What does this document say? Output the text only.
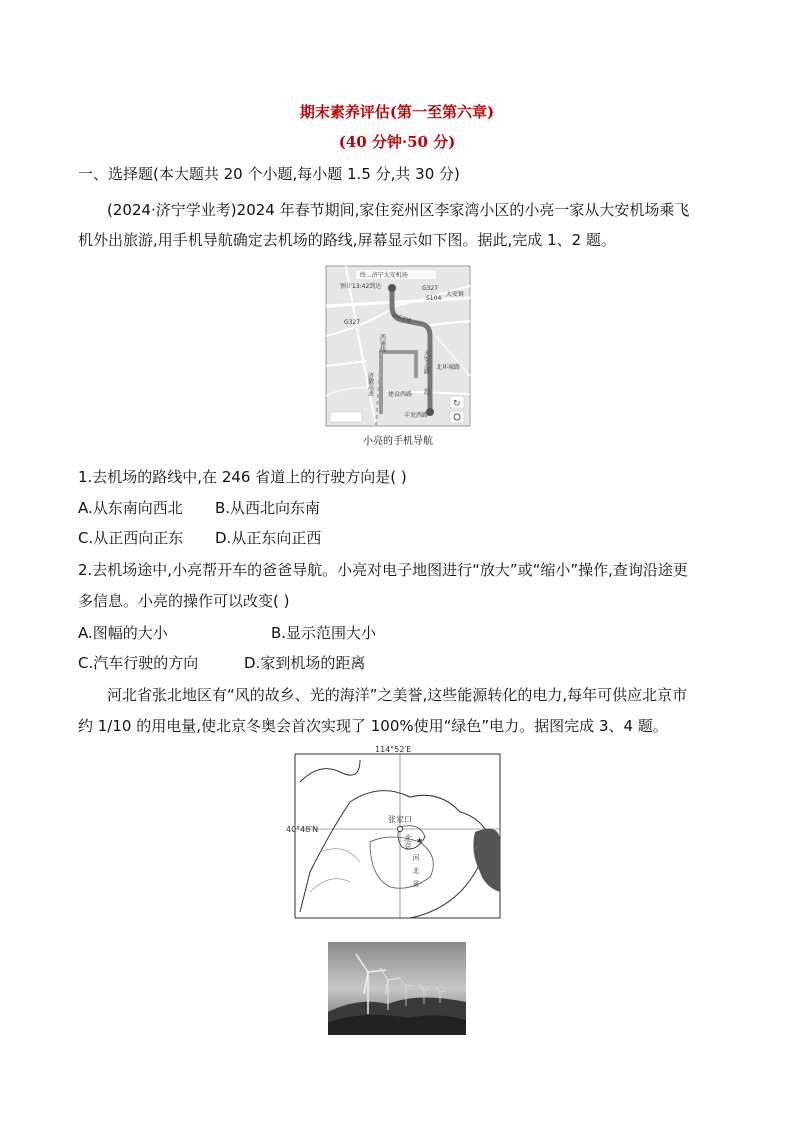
期末素养评估(第一至第六章)
(40 分钟·50 分)
一、选择题(本大题共 20 个小题,每小题 1.5 分,共 30 分)
(2024·济宁学业考)2024 年春节期间,家住兖州区李家湾小区的小亮一家从大安机场乘飞
机外出旅游,用手机导航确定去机场的路线,屏幕显示如下图。据此,完成 1、2 题。
终...济宁大安机场
预计13:42到达	G327
S104
大安镇
G327	246省道
西铺线
济徽高速
大安北路 北环城路
建设西路 起
丰兖西路
↻
小亮的手机导航
1.去机场的路线中,在 246 省道上的行驶方向是( )
A.从东南向西北 B.从西北向东南
C.从正西向正东 D.从正东向正西
2.去机场途中,小亮帮开车的爸爸导航。小亮对电子地图进行“放大”或“缩小”操作,查询沿途更
多信息。小亮的操作可以改变( )
A.图幅的大小	B.显示范围大小
C.汽车行驶的方向	D.家到机场的距离
河北省张北地区有“风的故乡、光的海洋”之美誉,这些能源转化的电力,每年可供应北京市
约 1/10 的用电量,使北京冬奥会首次实现了 100%使用“绿色”电力。据图完成 3、4 题。
114°52′E
40°48′N
张家口
★
北京
河北省
